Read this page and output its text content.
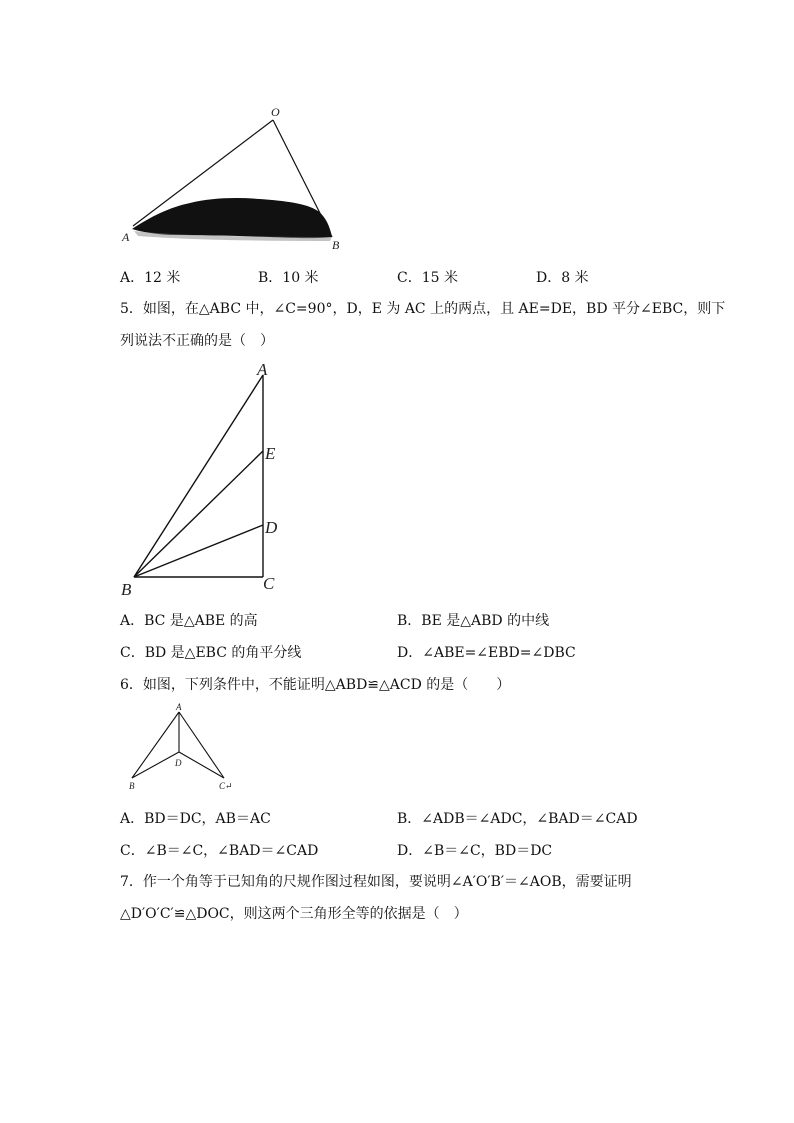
O
A
B
A．12 米	B．10 米	C．15 米	D．8 米
5．如图，在△ABC 中，∠C=90°，D，E 为 AC 上的两点，且 AE=DE，BD 平分∠EBC，则下
列说法不正确的是（　）
A
E
D
B	C
A．BC 是△ABE 的高	B．BE 是△ABD 的中线
C．BD 是△EBC 的角平分线	D．∠ABE=∠EBD=∠DBC
6．如图，下列条件中，不能证明△ABD≌△ACD 的是（　　）
A
D
B	C↵
A．BD＝DC，AB＝AC	B．∠ADB＝∠ADC，∠BAD＝∠CAD
C．∠B＝∠C，∠BAD＝∠CAD	D．∠B＝∠C，BD＝DC
7．作一个角等于已知角的尺规作图过程如图，要说明∠A′O′B′＝∠AOB，需要证明
△D′O′C′≌△DOC，则这两个三角形全等的依据是（　）
